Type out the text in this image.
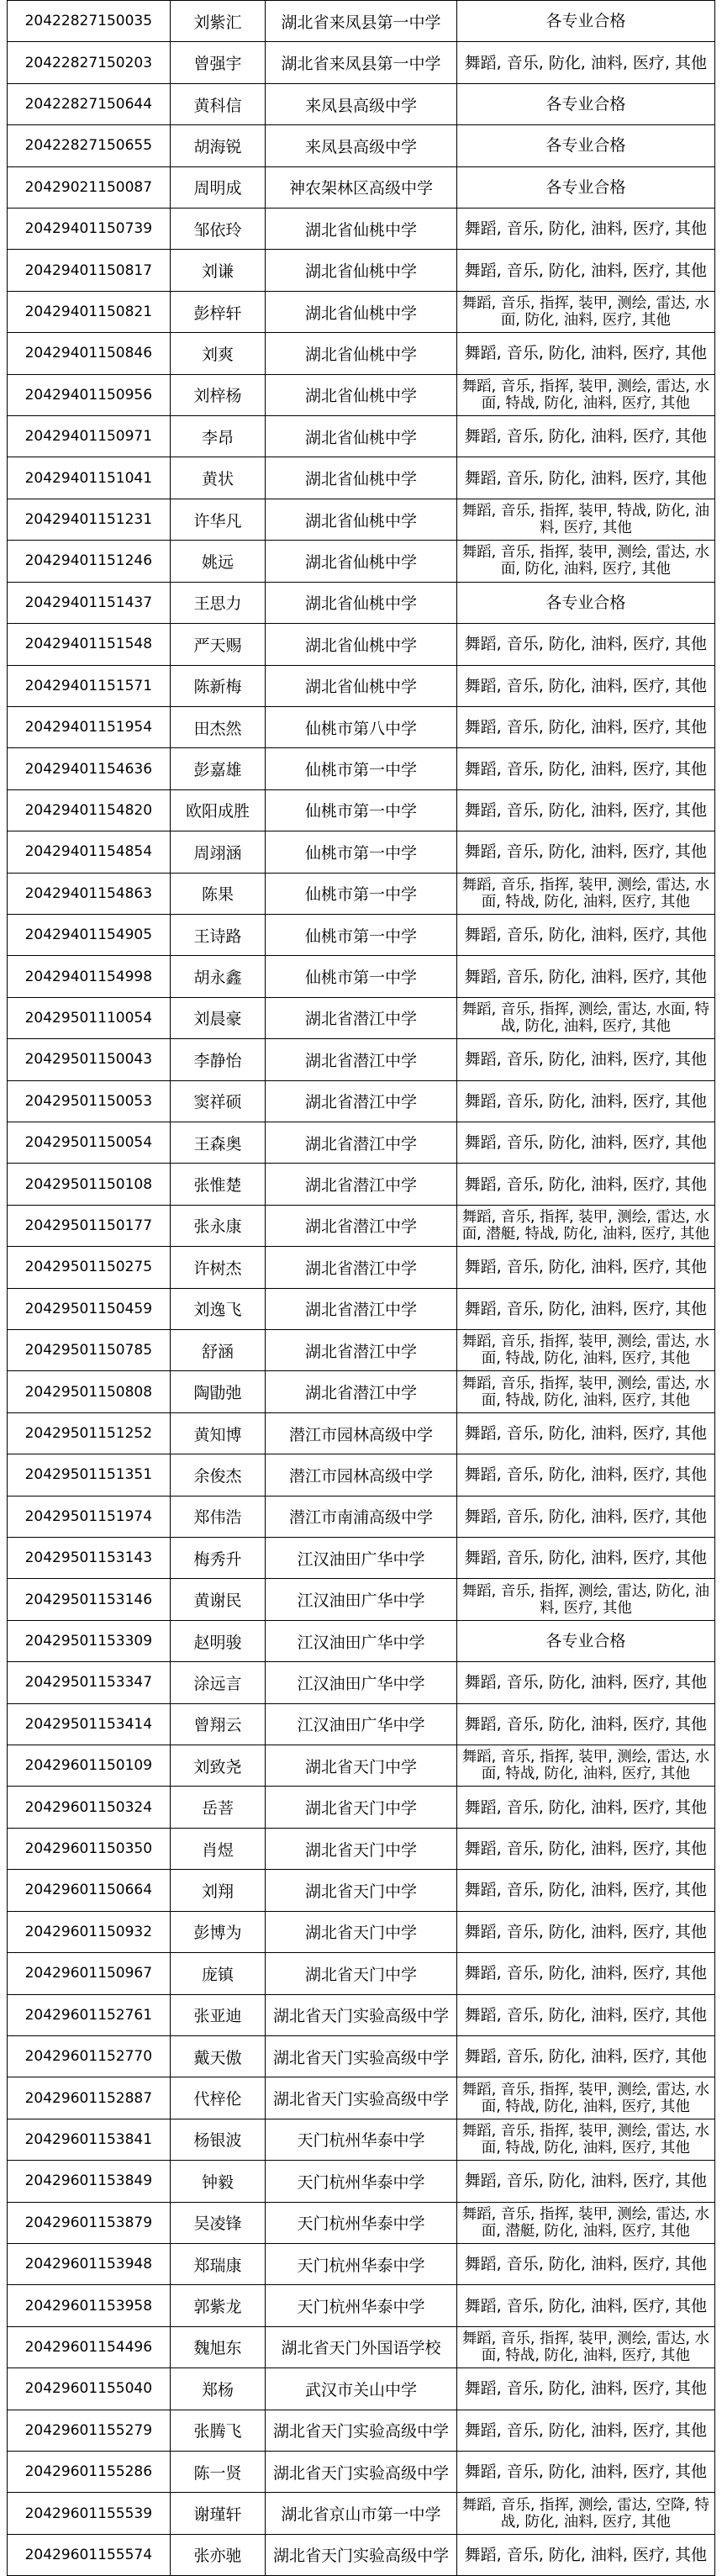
20422827150035	刘紫汇	湖北省来凤县第一中学	各专业合格
20422827150203	曾强宇	湖北省来凤县第一中学	舞蹈, 音乐, 防化, 油料, 医疗, 其他
20422827150644	黄科信	来凤县高级中学	各专业合格
20422827150655	胡海锐	来凤县高级中学	各专业合格
20429021150087	周明成	神农架林区高级中学	各专业合格
20429401150739	邹依玲	湖北省仙桃中学	舞蹈, 音乐, 防化, 油料, 医疗, 其他
20429401150817	刘谦	湖北省仙桃中学	舞蹈, 音乐, 防化, 油料, 医疗, 其他
20429401150821	彭梓轩	湖北省仙桃中学	舞蹈, 音乐, 指挥, 装甲, 测绘, 雷达, 水面, 防化, 油料, 医疗, 其他
20429401150846	刘爽	湖北省仙桃中学	舞蹈, 音乐, 防化, 油料, 医疗, 其他
20429401150956	刘梓杨	湖北省仙桃中学	舞蹈, 音乐, 指挥, 装甲, 测绘, 雷达, 水面, 特战, 防化, 油料, 医疗, 其他
20429401150971	李昂	湖北省仙桃中学	舞蹈, 音乐, 防化, 油料, 医疗, 其他
20429401151041	黄状	湖北省仙桃中学	舞蹈, 音乐, 防化, 油料, 医疗, 其他
20429401151231	许华凡	湖北省仙桃中学	舞蹈, 音乐, 指挥, 装甲, 特战, 防化, 油料, 医疗, 其他
20429401151246	姚远	湖北省仙桃中学	舞蹈, 音乐, 指挥, 装甲, 测绘, 雷达, 水面, 防化, 油料, 医疗, 其他
20429401151437	王思力	湖北省仙桃中学	各专业合格
20429401151548	严天赐	湖北省仙桃中学	舞蹈, 音乐, 防化, 油料, 医疗, 其他
20429401151571	陈新梅	湖北省仙桃中学	舞蹈, 音乐, 防化, 油料, 医疗, 其他
20429401151954	田杰然	仙桃市第八中学	舞蹈, 音乐, 防化, 油料, 医疗, 其他
20429401154636	彭嘉雄	仙桃市第一中学	舞蹈, 音乐, 防化, 油料, 医疗, 其他
20429401154820	欧阳成胜	仙桃市第一中学	舞蹈, 音乐, 防化, 油料, 医疗, 其他
20429401154854	周翊涵	仙桃市第一中学	舞蹈, 音乐, 防化, 油料, 医疗, 其他
20429401154863	陈果	仙桃市第一中学	舞蹈, 音乐, 指挥, 装甲, 测绘, 雷达, 水面, 特战, 防化, 油料, 医疗, 其他
20429401154905	王诗路	仙桃市第一中学	舞蹈, 音乐, 防化, 油料, 医疗, 其他
20429401154998	胡永鑫	仙桃市第一中学	舞蹈, 音乐, 防化, 油料, 医疗, 其他
20429501110054	刘晨豪	湖北省潜江中学	舞蹈, 音乐, 指挥, 测绘, 雷达, 水面, 特战, 防化, 油料, 医疗, 其他
20429501150043	李静怡	湖北省潜江中学	舞蹈, 音乐, 防化, 油料, 医疗, 其他
20429501150053	窦祥硕	湖北省潜江中学	舞蹈, 音乐, 防化, 油料, 医疗, 其他
20429501150054	王森奥	湖北省潜江中学	舞蹈, 音乐, 防化, 油料, 医疗, 其他
20429501150108	张惟楚	湖北省潜江中学	舞蹈, 音乐, 防化, 油料, 医疗, 其他
20429501150177	张永康	湖北省潜江中学	舞蹈, 音乐, 指挥, 装甲, 测绘, 雷达, 水面, 潜艇, 特战, 防化, 油料, 医疗, 其他
20429501150275	许树杰	湖北省潜江中学	舞蹈, 音乐, 防化, 油料, 医疗, 其他
20429501150459	刘逸飞	湖北省潜江中学	舞蹈, 音乐, 防化, 油料, 医疗, 其他
20429501150785	舒涵	湖北省潜江中学	舞蹈, 音乐, 指挥, 装甲, 测绘, 雷达, 水面, 特战, 防化, 油料, 医疗, 其他
20429501150808	陶勖弛	湖北省潜江中学	舞蹈, 音乐, 指挥, 装甲, 测绘, 雷达, 水面, 特战, 防化, 油料, 医疗, 其他
20429501151252	黄知博	潜江市园林高级中学	舞蹈, 音乐, 防化, 油料, 医疗, 其他
20429501151351	余俊杰	潜江市园林高级中学	舞蹈, 音乐, 防化, 油料, 医疗, 其他
20429501151974	郑伟浩	潜江市南浦高级中学	舞蹈, 音乐, 防化, 油料, 医疗, 其他
20429501153143	梅秀升	江汉油田广华中学	舞蹈, 音乐, 防化, 油料, 医疗, 其他
20429501153146	黄谢民	江汉油田广华中学	舞蹈, 音乐, 指挥, 测绘, 雷达, 防化, 油料, 医疗, 其他
20429501153309	赵明骏	江汉油田广华中学	各专业合格
20429501153347	涂远言	江汉油田广华中学	舞蹈, 音乐, 防化, 油料, 医疗, 其他
20429501153414	曾翔云	江汉油田广华中学	舞蹈, 音乐, 防化, 油料, 医疗, 其他
20429601150109	刘致尧	湖北省天门中学	舞蹈, 音乐, 指挥, 装甲, 测绘, 雷达, 水面, 特战, 防化, 油料, 医疗, 其他
20429601150324	岳菩	湖北省天门中学	舞蹈, 音乐, 防化, 油料, 医疗, 其他
20429601150350	肖煜	湖北省天门中学	舞蹈, 音乐, 防化, 油料, 医疗, 其他
20429601150664	刘翔	湖北省天门中学	舞蹈, 音乐, 防化, 油料, 医疗, 其他
20429601150932	彭博为	湖北省天门中学	舞蹈, 音乐, 防化, 油料, 医疗, 其他
20429601150967	庞镇	湖北省天门中学	舞蹈, 音乐, 防化, 油料, 医疗, 其他
20429601152761	张亚迪	湖北省天门实验高级中学	舞蹈, 音乐, 防化, 油料, 医疗, 其他
20429601152770	戴天傲	湖北省天门实验高级中学	舞蹈, 音乐, 防化, 油料, 医疗, 其他
20429601152887	代梓伦	湖北省天门实验高级中学	舞蹈, 音乐, 指挥, 装甲, 测绘, 雷达, 水面, 特战, 防化, 油料, 医疗, 其他
20429601153841	杨银波	天门杭州华泰中学	舞蹈, 音乐, 指挥, 装甲, 测绘, 雷达, 水面, 特战, 防化, 油料, 医疗, 其他
20429601153849	钟毅	天门杭州华泰中学	舞蹈, 音乐, 防化, 油料, 医疗, 其他
20429601153879	吴凌锋	天门杭州华泰中学	舞蹈, 音乐, 指挥, 装甲, 测绘, 雷达, 水面, 潜艇, 防化, 油料, 医疗, 其他
20429601153948	郑瑞康	天门杭州华泰中学	舞蹈, 音乐, 防化, 油料, 医疗, 其他
20429601153958	郭紫龙	天门杭州华泰中学	舞蹈, 音乐, 防化, 油料, 医疗, 其他
20429601154496	魏旭东	湖北省天门外国语学校	舞蹈, 音乐, 指挥, 装甲, 测绘, 雷达, 水面, 特战, 防化, 油料, 医疗, 其他
20429601155040	郑杨	武汉市关山中学	舞蹈, 音乐, 防化, 油料, 医疗, 其他
20429601155279	张腾飞	湖北省天门实验高级中学	舞蹈, 音乐, 防化, 油料, 医疗, 其他
20429601155286	陈一贤	湖北省天门实验高级中学	舞蹈, 音乐, 防化, 油料, 医疗, 其他
20429601155539	谢瑾轩	湖北省京山市第一中学	舞蹈, 音乐, 指挥, 测绘, 雷达, 空降, 特战, 防化, 油料, 医疗, 其他
20429601155574	张亦驰	湖北省天门实验高级中学	舞蹈, 音乐, 防化, 油料, 医疗, 其他
